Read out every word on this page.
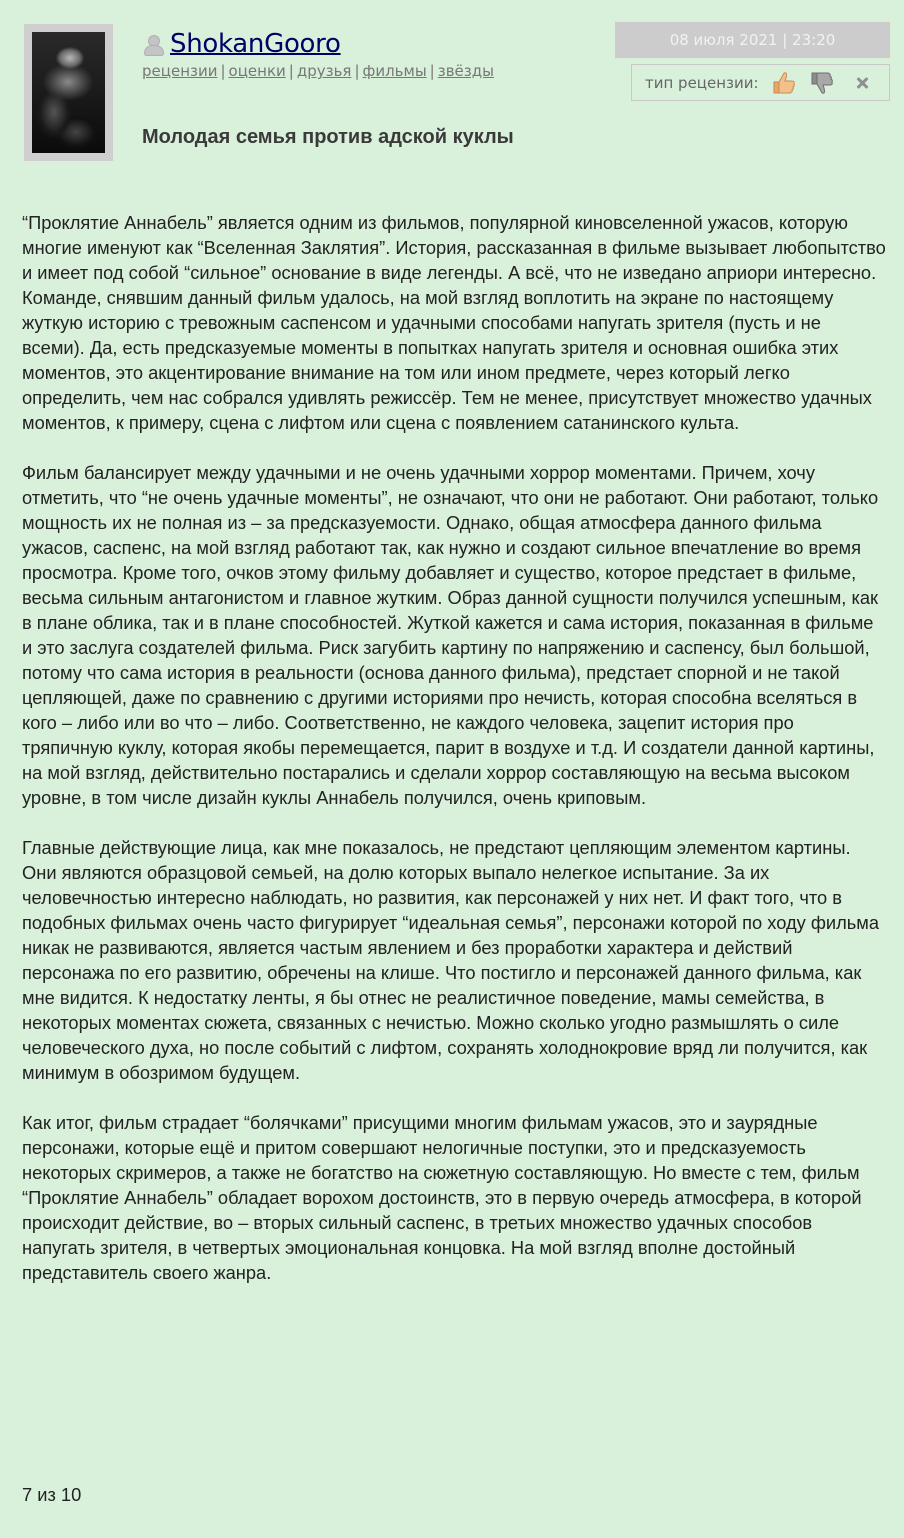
ShokanGooro
рецензии | оценки | друзья | фильмы | звёзды
Молодая семья против адской куклы
08 июля 2021 | 23:20
тип рецензии:

“Проклятие Аннабель” является одним из фильмов, популярной киновселенной ужасов, которую многие именуют как “Вселенная Заклятия”. История, рассказанная в фильме вызывает любопытство и имеет под собой “сильное” основание в виде легенды. А всё, что не изведано априори интересно. Команде, снявшим данный фильм удалось, на мой взгляд воплотить на экране по настоящему жуткую историю с тревожным саспенсом и удачными способами напугать зрителя (пусть и не всеми). Да, есть предсказуемые моменты в попытках напугать зрителя и основная ошибка этих моментов, это акцентирование внимание на том или ином предмете, через который легко определить, чем нас собрался удивлять режиссёр. Тем не менее, присутствует множество удачных моментов, к примеру, сцена с лифтом или сцена с появлением сатанинского культа.

Фильм балансирует между удачными и не очень удачными хоррор моментами. Причем, хочу отметить, что “не очень удачные моменты”, не означают, что они не работают. Они работают, только мощность их не полная из – за предсказуемости. Однако, общая атмосфера данного фильма ужасов, саспенс, на мой взгляд работают так, как нужно и создают сильное впечатление во время просмотра. Кроме того, очков этому фильму добавляет и существо, которое предстает в фильме, весьма сильным антагонистом и главное жутким. Образ данной сущности получился успешным, как в плане облика, так и в плане способностей. Жуткой кажется и сама история, показанная в фильме и это заслуга создателей фильма. Риск загубить картину по напряжению и саспенсу, был большой, потому что сама история в реальности (основа данного фильма), предстает спорной и не такой цепляющей, даже по сравнению с другими историями про нечисть, которая способна вселяться в кого – либо или во что – либо. Соответственно, не каждого человека, зацепит история про тряпичную куклу, которая якобы перемещается, парит в воздухе и т.д. И создатели данной картины, на мой взгляд, действительно постарались и сделали хоррор составляющую на весьма высоком уровне, в том числе дизайн куклы Аннабель получился, очень криповым.

Главные действующие лица, как мне показалось, не предстают цепляющим элементом картины. Они являются образцовой семьей, на долю которых выпало нелегкое испытание. За их человечностью интересно наблюдать, но развития, как персонажей у них нет. И факт того, что в подобных фильмах очень часто фигурирует “идеальная семья”, персонажи которой по ходу фильма никак не развиваются, является частым явлением и без проработки характера и действий персонажа по его развитию, обречены на клише. Что постигло и персонажей данного фильма, как мне видится. К недостатку ленты, я бы отнес не реалистичное поведение, мамы семейства, в некоторых моментах сюжета, связанных с нечистью. Можно сколько угодно размышлять о силе человеческого духа, но после событий с лифтом, сохранять холоднокровие вряд ли получится, как минимум в обозримом будущем.

Как итог, фильм страдает “болячками” присущими многим фильмам ужасов, это и заурядные персонажи, которые ещё и притом совершают нелогичные поступки, это и предсказуемость некоторых скримеров, а также не богатство на сюжетную составляющую. Но вместе с тем, фильм “Проклятие Аннабель” обладает ворохом достоинств, это в первую очередь атмосфера, в которой происходит действие, во – вторых сильный саспенс, в третьих множество удачных способов напугать зрителя, в четвертых эмоциональная концовка. На мой взгляд вполне достойный представитель своего жанра.

7 из 10
